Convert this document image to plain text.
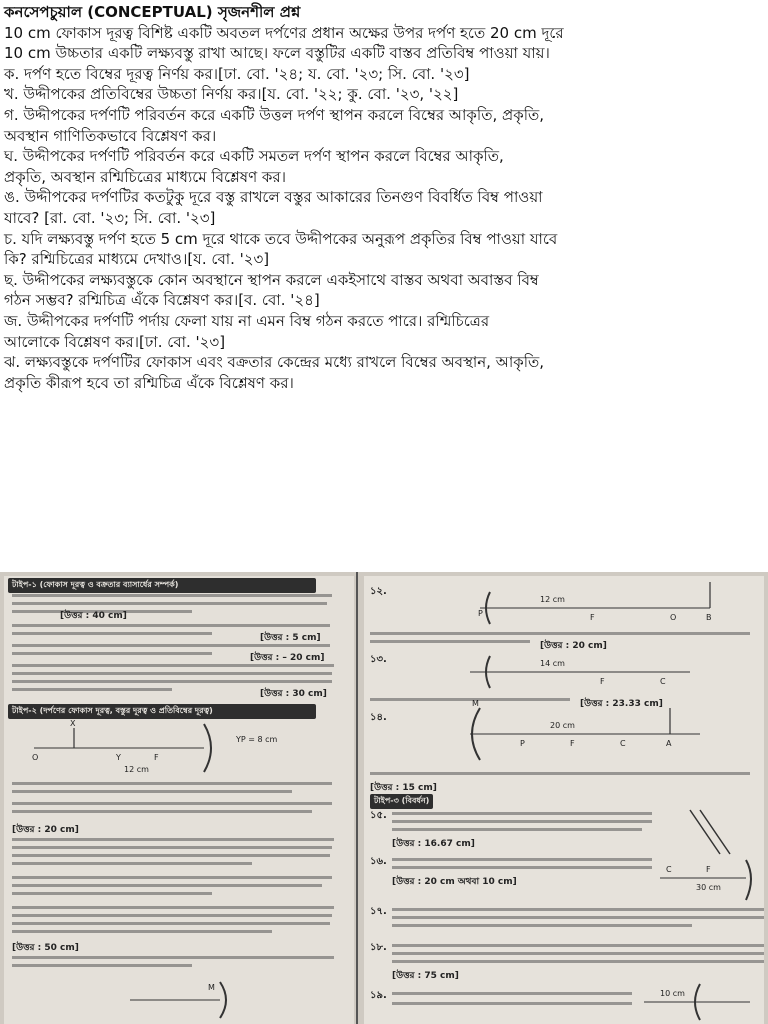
কনসেপচুয়াল (CONCEPTUAL) সৃজনশীল প্রশ্ন

10 cm ফোকাস দূরত্ব বিশিষ্ট একটি অবতল দর্পণের প্রধান অক্ষের উপর দর্পণ হতে 20 cm দূরে

10 cm উচ্চতার একটি লক্ষ্যবস্তু রাখা আছে। ফলে বস্তুটির একটি বাস্তব প্রতিবিম্ব পাওয়া যায়।

ক. দর্পণ হতে বিম্বের দূরত্ব নির্ণয় কর।[ঢা. বো. '২৪; য. বো. '২৩; সি. বো. '২৩]

খ. উদ্দীপকের প্রতিবিম্বের উচ্চতা নির্ণয় কর।[য. বো. '২২; কু. বো. '২৩, '২২]

গ. উদ্দীপকের দর্পণটি পরিবর্তন করে একটি উত্তল দর্পণ স্থাপন করলে বিম্বের আকৃতি, প্রকৃতি,

অবস্থান গাণিতিকভাবে বিশ্লেষণ কর।

ঘ. উদ্দীপকের দর্পণটি পরিবর্তন করে একটি সমতল দর্পণ স্থাপন করলে বিম্বের আকৃতি,

প্রকৃতি, অবস্থান রশ্মিচিত্রের মাধ্যমে বিশ্লেষণ কর।

ঙ. উদ্দীপকের দর্পণটির কতটুকু দূরে বস্তু রাখলে বস্তুর আকারের তিনগুণ বিবর্ধিত বিম্ব পাওয়া

যাবে? [রা. বো. '২৩; সি. বো. '২৩]

চ. যদি লক্ষ্যবস্তু দর্পণ হতে 5 cm দূরে থাকে তবে উদ্দীপকের অনুরূপ প্রকৃতির বিম্ব পাওয়া যাবে

কি? রশ্মিচিত্রের মাধ্যমে দেখাও।[য. বো. '২৩]

ছ. উদ্দীপকের লক্ষ্যবস্তুকে কোন অবস্থানে স্থাপন করলে একইসাথে বাস্তব অথবা অবাস্তব বিম্ব

গঠন সম্ভব? রশ্মিচিত্র এঁকে বিশ্লেষণ কর।[ব. বো. '২৪]

জ. উদ্দীপকের দর্পণটি পর্দায় ফেলা যায় না এমন বিম্ব গঠন করতে পারে। রশ্মিচিত্রের

আলোকে বিশ্লেষণ কর।[ঢা. বো. '২৩]

ঝ. লক্ষ্যবস্তুকে দর্পণটির ফোকাস এবং বক্রতার কেন্দ্রের মধ্যে রাখলে বিম্বের অবস্থান, আকৃতি,

প্রকৃতি কীরূপ হবে তা রশ্মিচিত্র এঁকে বিশ্লেষণ কর।

টাইপ-১ (ফোকাস দূরত্ব ও বক্রতার ব্যাসার্ধের সম্পর্ক)
[উত্তর : 40 cm]
[উত্তর : 5 cm]
[উত্তর : – 20 cm]
[উত্তর : 30 cm]
টাইপ-২ (দর্পণের ফোকাস দূরত্ব, বস্তুর দূরত্ব ও প্রতিবিম্বের দূরত্ব)
X
O	Y	F
12 cm
YP = 8 cm
[উত্তর : 20 cm]
[উত্তর : 50 cm]
M
১২.
P
12 cm
F	O	B
[উত্তর : 20 cm]
১৩.	14 cm
F	C
[উত্তর : 23.33 cm]
১৪.
M
20 cm
P	F	C	A
[উত্তর : 15 cm]
টাইপ-৩ (বিবর্ধন)
১৫.
[উত্তর : 16.67 cm]
১৬.
[উত্তর : 20 cm অথবা 10 cm]
C	F
30 cm
১৭.
১৮.
[উত্তর : 75 cm]
১৯.	10 cm
